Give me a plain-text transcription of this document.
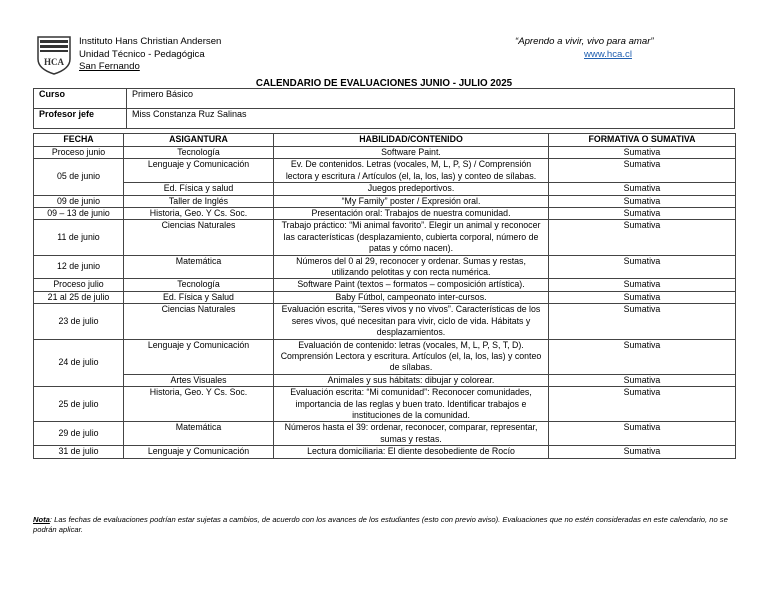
HCA
Instituto Hans Christian Andersen
Unidad Técnico - Pedagógica
San Fernando
“Aprendo a vivir, vivo para amar”
www.hca.cl
CALENDARIO DE EVALUACIONES JUNIO - JULIO 2025
Curso	Primero Básico
Profesor jefe	Miss Constanza Ruz Salinas
FECHA	ASIGANTURA	HABILIDAD/CONTENIDO	FORMATIVA O SUMATIVA
Proceso junio	Tecnología	Software Paint.	Sumativa
05 de junio	Lenguaje y Comunicación	Ev. De contenidos. Letras (vocales, M, L, P, S) / Comprensión lectora y escritura / Artículos (el, la, los, las) y conteo de sílabas.	Sumativa
	Ed. Física y salud	Juegos predeportivos.	Sumativa
09 de junio	Taller de Inglés	“My Family” poster / Expresión oral.	Sumativa
09 – 13 de junio	Historia, Geo. Y Cs. Soc.	Presentación oral: Trabajos de nuestra comunidad.	Sumativa
11 de junio	Ciencias Naturales	Trabajo práctico: “Mi animal favorito”. Elegir un animal y reconocer las características (desplazamiento, cubierta corporal, número de patas y cómo nacen).	Sumativa
12 de junio	Matemática	Números del 0 al 29, reconocer y ordenar. Sumas y restas, utilizando pelotitas y con recta numérica.	Sumativa
Proceso julio	Tecnología	Software Paint (textos – formatos – composición artística).	Sumativa
21 al 25 de julio	Ed. Física y Salud	Baby Fútbol, campeonato inter-cursos.	Sumativa
23 de julio	Ciencias Naturales	Evaluación escrita, “Seres vivos y no vivos”. Características de los seres vivos, qué necesitan para vivir, ciclo de vida. Hábitats y desplazamientos.	Sumativa
24 de julio	Lenguaje y Comunicación	Evaluación de contenido: letras (vocales, M, L, P, S, T, D). Comprensión Lectora y escritura. Artículos (el, la, los, las) y conteo de sílabas.	Sumativa
	Artes Visuales	Animales y sus hábitats: dibujar y colorear.	Sumativa
25 de julio	Historia, Geo. Y Cs. Soc.	Evaluación escrita: “Mi comunidad”: Reconocer comunidades, importancia de las reglas y buen trato. Identificar trabajos e instituciones de la comunidad.	Sumativa
29 de julio	Matemática	Números hasta el 39: ordenar, reconocer, comparar, representar, sumas y restas.	Sumativa
31 de julio	Lenguaje y Comunicación	Lectura domiciliaria: El diente desobediente de Rocío	Sumativa
Nota: Las fechas de evaluaciones podrían estar sujetas a cambios, de acuerdo con los avances de los estudiantes (esto con previo aviso). Evaluaciones que no estén consideradas en este calendario, no se podrán aplicar.
